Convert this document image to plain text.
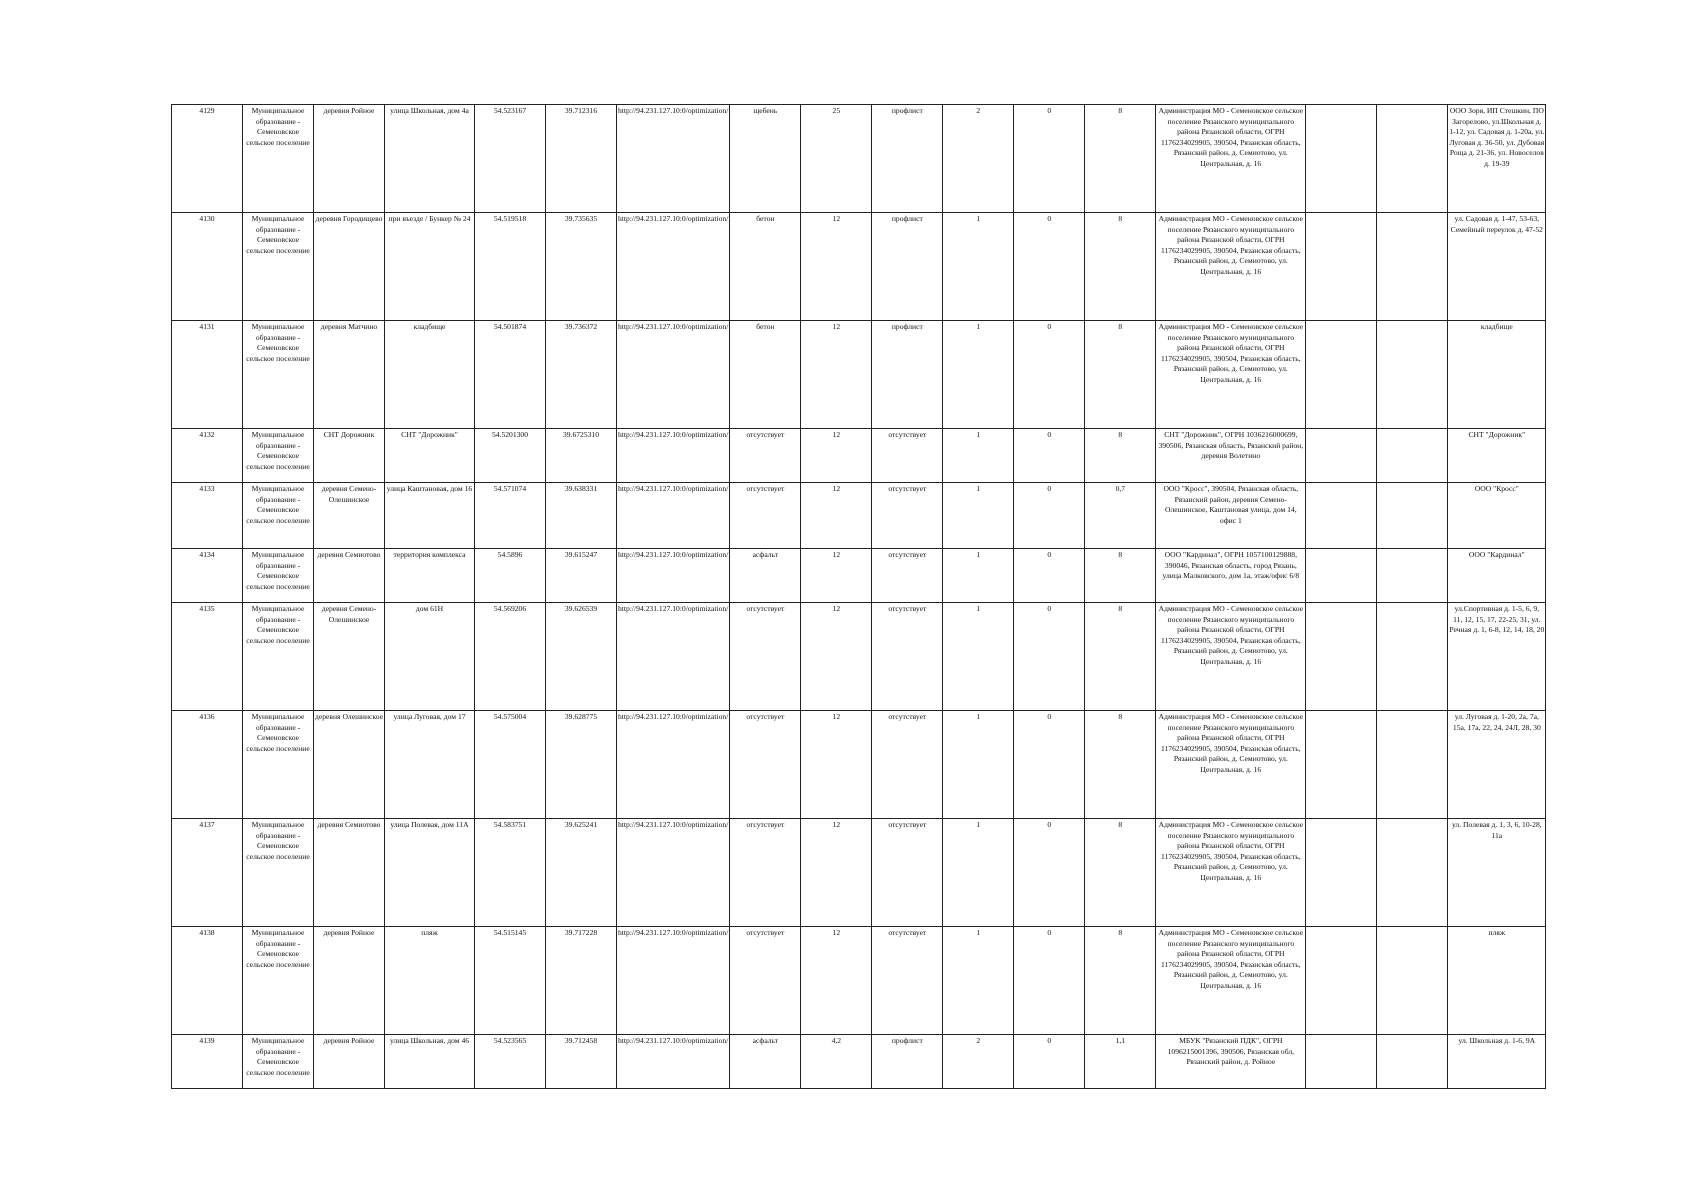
4129	Муниципальное образование - Семеновское сельское поселение	деревня Ройное	улица Школьная, дом 4а	54.523167	39.712316	http://94.231.127.10:0/optimization/	щебень	25	профлист	2	0	8	Администрация МО - Семеновское сельское поселение Рязанского муниципального района Рязанской области, ОГРН 1176234029905, 390504, Рязанская область, Рязанский район, д. Семиотово, ул. Центральная, д. 16			ООО Зоря, ИП Стешкин, ПО Загорелово, ул.Школьная д. 1-12, ул. Садовая д. 1-20а, ул. Луговая д. 36-50, ул. Дубовая Роща д. 21-36, ул. Новоселов д. 19-39
4130	Муниципальное образование - Семеновское сельское поселение	деревня Городищево	при въезде / Бункер № 24	54.519518	39.735635	http://94.231.127.10:0/optimization/	бетон	12	профлист	1	0	8	Администрация МО - Семеновское сельское поселение Рязанского муниципального района Рязанской области, ОГРН 1176234029905, 390504, Рязанская область, Рязанский район, д. Семиотово, ул. Центральная, д. 16			ул. Садовая д. 1-47, 53-63, Семейный переулок д. 47-52
4131	Муниципальное образование - Семеновское сельское поселение	деревня Матчино	кладбище	54.501874	39.736372	http://94.231.127.10:0/optimization/	бетон	12	профлист	1	0	8	Администрация МО - Семеновское сельское поселение Рязанского муниципального района Рязанской области, ОГРН 1176234029905, 390504, Рязанская область, Рязанский район, д. Семиотово, ул. Центральная, д. 16			кладбище
4132	Муниципальное образование - Семеновское сельское поселение	СНТ Дорожник	СНТ "Дорожник"	54.5201300	39.6725310	http://94.231.127.10:0/optimization/	отсутствует	12	отсутствует	1	0	8	СНТ "Дорожник", ОГРН 1036216000699, 390506, Рязанская область, Рязанский район, деревня Волетино			СНТ "Дорожник"
4133	Муниципальное образование - Семеновское сельское поселение	деревня Семено-Олешинское	улица Каштановая, дом 16	54.571074	39.638331	http://94.231.127.10:0/optimization/	отсутствует	12	отсутствует	1	0	0,7	ООО "Кросс", 390504, Рязанская область, Рязанский район, деревня Семено-Олешинское, Каштановая улица, дом 14, офис 1			ООО "Кросс"
4134	Муниципальное образование - Семеновское сельское поселение	деревня Семиотово	территория комплекса	54.5896	39.615247	http://94.231.127.10:0/optimization/	асфальт	12	отсутствует	1	0	8	ООО "Кардинал", ОГРН 1057100129888, 390046, Рязанская область, город Рязань, улица Малковского, дом 1а, этаж/офис 6/8			ООО "Кардинал"
4135	Муниципальное образование - Семеновское сельское поселение	деревня Семено-Олешинское	дом 61Н	54.569206	39.626539	http://94.231.127.10:0/optimization/	отсутствует	12	отсутствует	1	0	8	Администрация МО - Семеновское сельское поселение Рязанского муниципального района Рязанской области, ОГРН 1176234029905, 390504, Рязанская область, Рязанский район, д. Семиотово, ул. Центральная, д. 16			ул.Спортивная д. 1-5, 6, 9, 11, 12, 15, 17, 22-25, 31, ул. Речная д. 1, 6-8, 12, 14, 18, 20
4136	Муниципальное образование - Семеновское сельское поселение	деревня Олешинское	улица Луговая, дом 17	54.575004	39.628775	http://94.231.127.10:0/optimization/	отсутствует	12	отсутствует	1	0	8	Администрация МО - Семеновское сельское поселение Рязанского муниципального района Рязанской области, ОГРН 1176234029905, 390504, Рязанская область, Рязанский район, д. Семиотово, ул. Центральная, д. 16			ул. Луговая д. 1-20, 2а, 7а, 15а, 17а, 22, 24, 24Л, 28, 30
4137	Муниципальное образование - Семеновское сельское поселение	деревня Семиотово	улица Полевая, дом 11А	54.583751	39.625241	http://94.231.127.10:0/optimization/	отсутствует	12	отсутствует	1	0	8	Администрация МО - Семеновское сельское поселение Рязанского муниципального района Рязанской области, ОГРН 1176234029905, 390504, Рязанская область, Рязанский район, д. Семиотово, ул. Центральная, д. 16			ул. Полевая д. 1, 3, 6, 10-28, 11а
4138	Муниципальное образование - Семеновское сельское поселение	деревня Ройное	пляж	54.515145	39.717228	http://94.231.127.10:0/optimization/	отсутствует	12	отсутствует	1	0	8	Администрация МО - Семеновское сельское поселение Рязанского муниципального района Рязанской области, ОГРН 1176234029905, 390504, Рязанская область, Рязанский район, д. Семиотово, ул. Центральная, д. 16			пляж
4139	Муниципальное образование - Семеновское сельское поселение	деревня Ройное	улица Школьная, дом 46	54.523565	39.712458	http://94.231.127.10:0/optimization/	асфальт	4,2	профлист	2	0	1,1	МБУК "Рязанский ПДК", ОГРН 1096215001396, 390506, Рязанская обл, Рязанский район, д. Ройное			ул. Школьная д. 1-6, 9А
